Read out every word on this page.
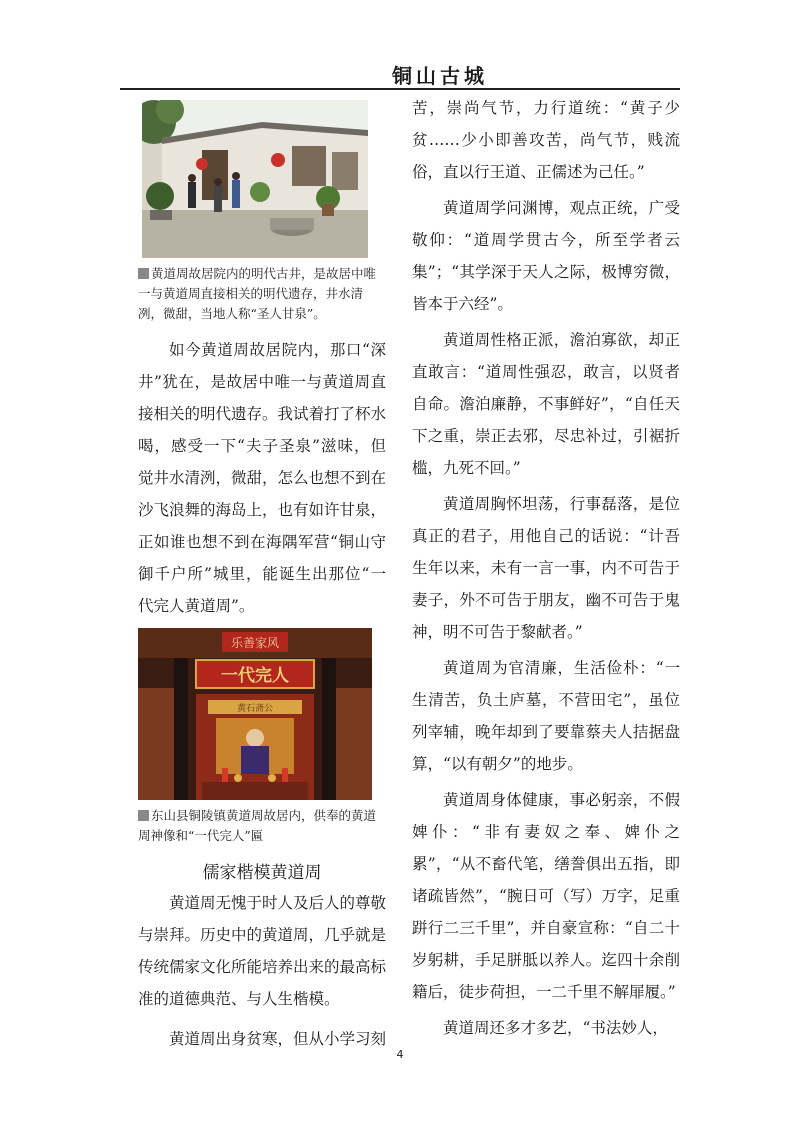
铜山古城
黄道周故居院内的明代古井，是故居中唯一与黄道周直接相关的明代遗存，井水清冽，微甜，当地人称“圣人甘泉”。

如今黄道周故居院内，那口“深井”犹在，是故居中唯一与黄道周直接相关的明代遗存。我试着打了杯水喝，感受一下“夫子圣泉”滋味，但觉井水清洌，微甜，怎么也想不到在沙飞浪舞的海岛上，也有如许甘泉，正如谁也想不到在海隅军营“铜山守御千户所”城里，能诞生出那位“一代完人黄道周”。

乐善家风
一代完人
黄石斋公
东山县铜陵镇黄道周故居内，供奉的黄道周神像和“一代完人”匾
儒家楷模黄道周

黄道周无愧于时人及后人的尊敬与崇拜。历史中的黄道周，几乎就是传统儒家文化所能培养出来的最高标准的道德典范、与人生楷模。

黄道周出身贫寒，但从小学习刻

苦，崇尚气节，力行道统：“黄子少贫……少小即善攻苦，尚气节，贱流俗，直以行王道、正儒述为己任。”

黄道周学问渊博，观点正统，广受敬仰：“道周学贯古今，所至学者云集”；“其学深于天人之际，极博穷微，皆本于六经”。

黄道周性格正派，澹泊寡欲，却正直敢言：“道周性强忍，敢言，以贤者自命。澹泊廉静，不事鲜好”，“自任天下之重，崇正去邪，尽忠补过，引裾折槛，九死不回。”

黄道周胸怀坦荡，行事磊落，是位真正的君子，用他自己的话说：“计吾生年以来，未有一言一事，内不可告于妻子，外不可告于朋友，幽不可告于鬼神，明不可告于黎献者。”

黄道周为官清廉，生活俭朴：“一生清苦，负土庐墓，不营田宅”，虽位列宰辅，晚年却到了要靠蔡夫人拮据盘算，“以有朝夕”的地步。

黄道周身体健康，事必躬亲，不假婢仆：“非有妻奴之奉、婢仆之累”，“从不畜代笔，缮誊俱出五指，即诸疏皆然”，“腕日可（写）万字，足重跰行二三千里”，并自豪宣称：“自二十岁躬耕，手足胼胝以养人。迄四十余削籍后，徒步荷担，一二千里不解屝履。”

黄道周还多才多艺，“书法妙人，

4
